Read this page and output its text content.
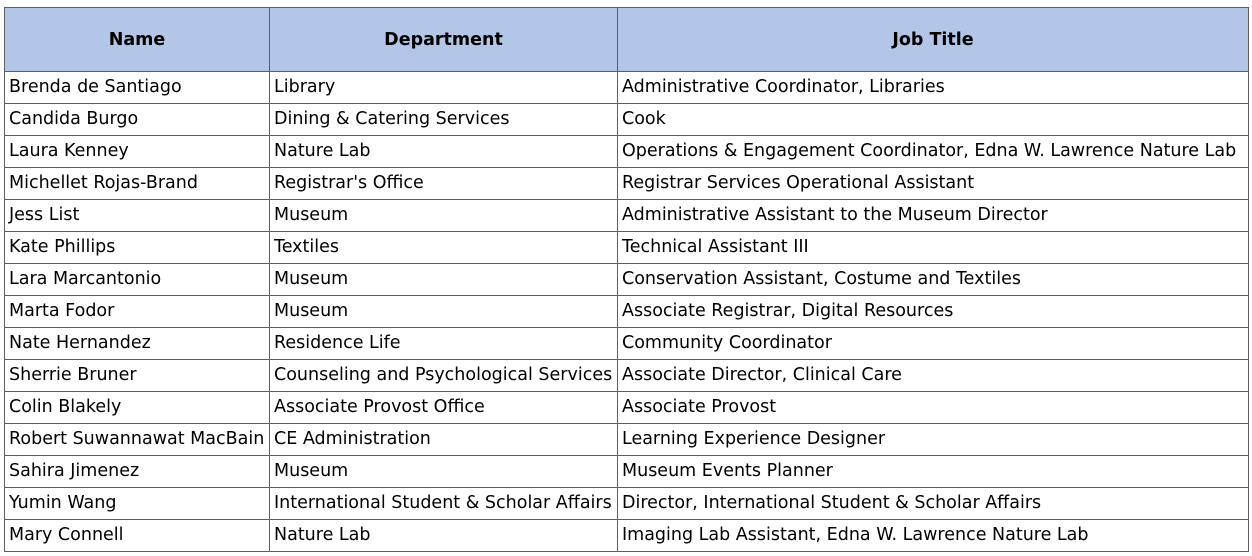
Name	Department	Job Title
Brenda de Santiago	Library	Administrative Coordinator, Libraries
Candida Burgo	Dining & Catering Services	Cook
Laura Kenney	Nature Lab	Operations & Engagement Coordinator, Edna W. Lawrence Nature Lab
Michellet Rojas-Brand	Registrar's Office	Registrar Services Operational Assistant
Jess List	Museum	Administrative Assistant to the Museum Director
Kate Phillips	Textiles	Technical Assistant III
Lara Marcantonio	Museum	Conservation Assistant, Costume and Textiles
Marta Fodor	Museum	Associate Registrar, Digital Resources
Nate Hernandez	Residence Life	Community Coordinator
Sherrie Bruner	Counseling and Psychological Services	Associate Director, Clinical Care
Colin Blakely	Associate Provost Office	Associate Provost
Robert Suwannawat MacBain	CE Administration	Learning Experience Designer
Sahira Jimenez	Museum	Museum Events Planner
Yumin Wang	International Student & Scholar Affairs	Director, International Student & Scholar Affairs
Mary Connell	Nature Lab	Imaging Lab Assistant, Edna W. Lawrence Nature Lab
